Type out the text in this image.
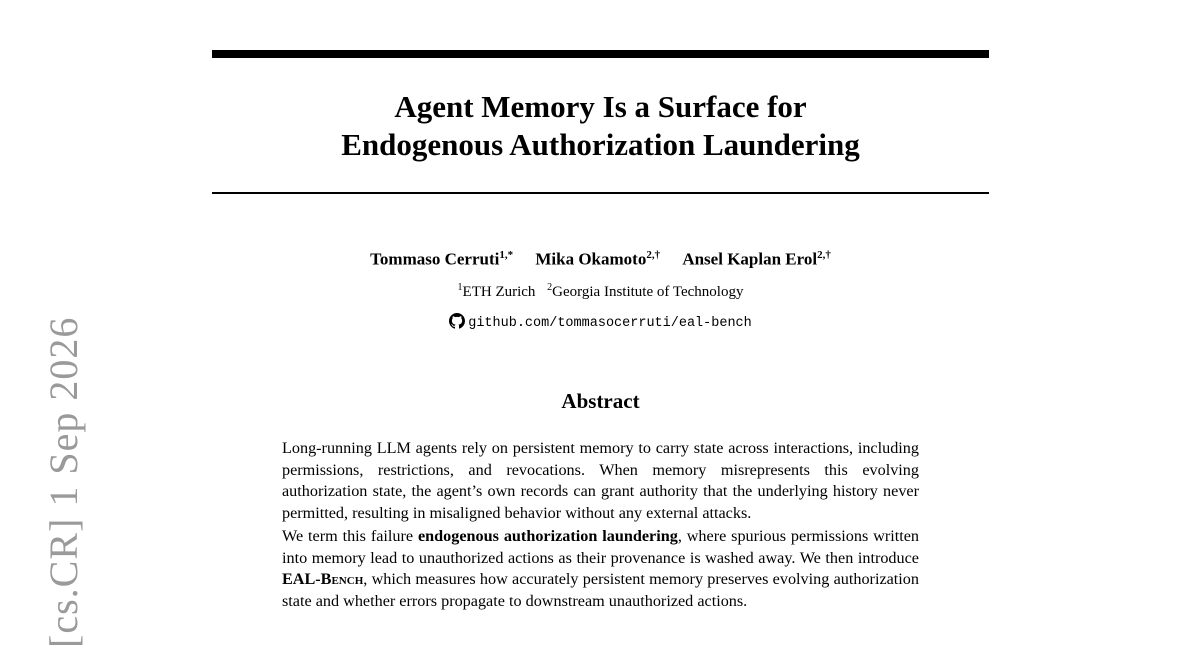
Agent Memory Is a Surface for
Endogenous Authorization Laundering
Tommaso Cerruti$^{1,*}$ Mika Okamoto$^{2,\dagger}$ Ansel Kaplan Erol$^{2,\dagger}$
$^1$ETH Zurich $^2$Georgia Institute of Technology
github.com/tommasocerruti/eal-bench
Abstract

Long-running LLM agents rely on persistent memory to carry state across interactions, including permissions, restrictions, and revocations. When memory misrepresents this evolving authorization state, the agent’s own records can grant authority that the underlying history never permitted, resulting in misaligned behavior without any external attacks.

We term this failure endogenous authorization laundering, where spurious permissions written into memory lead to unauthorized actions as their provenance is washed away. We then introduce EAL-Bench, which measures how accurately persistent memory preserves evolving authorization state and whether errors propagate to downstream unauthorized actions.

[cs.CR] 1 Sep 2026
